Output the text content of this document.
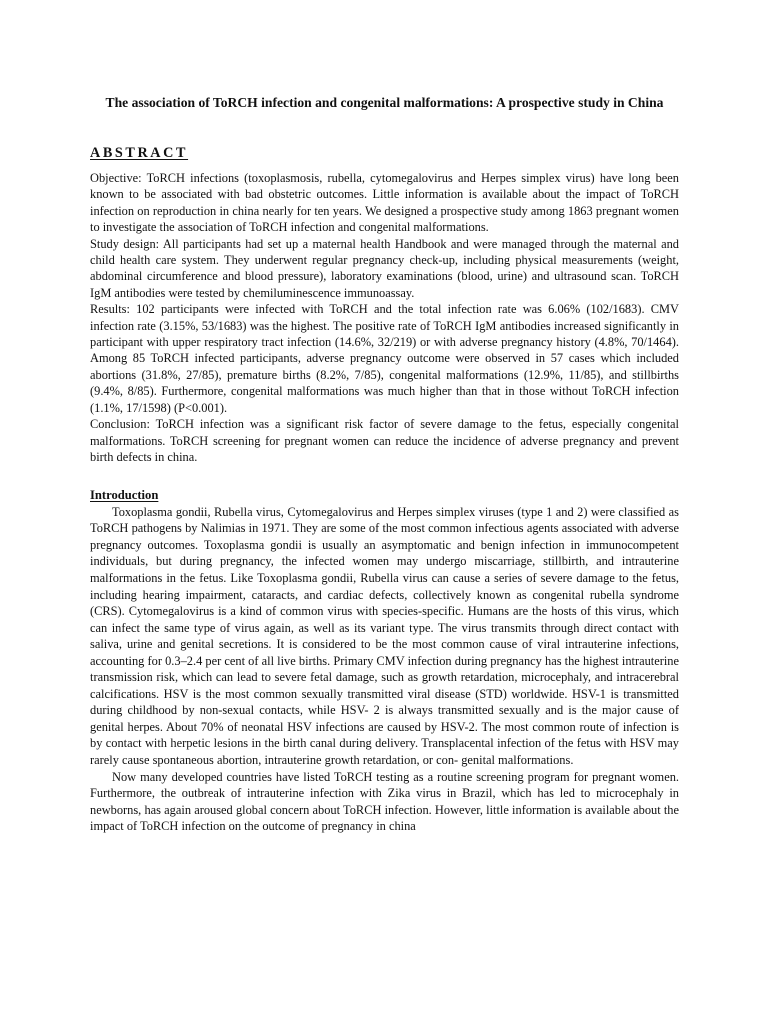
The association of ToRCH infection and congenital malformations: A prospective study in China
ABSTRACT

Objective: ToRCH infections (toxoplasmosis, rubella, cytomegalovirus and Herpes simplex virus) have long been known to be associated with bad obstetric outcomes. Little information is available about the impact of ToRCH infection on reproduction in china nearly for ten years. We designed a prospective study among 1863 pregnant women to investigate the association of ToRCH infection and congenital malformations.

Study design: All participants had set up a maternal health Handbook and were managed through the maternal and child health care system. They underwent regular pregnancy check-up, including physical measurements (weight, abdominal circumference and blood pressure), laboratory examinations (blood, urine) and ultrasound scan. ToRCH IgM antibodies were tested by chemiluminescence immunoassay.

Results: 102 participants were infected with ToRCH and the total infection rate was 6.06% (102/1683). CMV infection rate (3.15%, 53/1683) was the highest. The positive rate of ToRCH IgM antibodies increased significantly in participant with upper respiratory tract infection (14.6%, 32/219) or with adverse pregnancy history (4.8%, 70/1464). Among 85 ToRCH infected participants, adverse pregnancy outcome were observed in 57 cases which included abortions (31.8%, 27/85), premature births (8.2%, 7/85), congenital malformations (12.9%, 11/85), and stillbirths (9.4%, 8/85). Furthermore, congenital malformations was much higher than that in those without ToRCH infection (1.1%, 17/1598) (P<0.001).

Conclusion: ToRCH infection was a significant risk factor of severe damage to the fetus, especially congenital malformations. ToRCH screening for pregnant women can reduce the incidence of adverse pregnancy and prevent birth defects in china.

Introduction

Toxoplasma gondii, Rubella virus, Cytomegalovirus and Herpes simplex viruses (type 1 and 2) were classified as ToRCH pathogens by Nalimias in 1971. They are some of the most common infectious agents associated with adverse pregnancy outcomes. Toxoplasma gondii is usually an asymptomatic and benign infection in immunocompetent individuals, but during pregnancy, the infected women may undergo miscarriage, stillbirth, and intrauterine malformations in the fetus. Like Toxoplasma gondii, Rubella virus can cause a series of severe damage to the fetus, including hearing impairment, cataracts, and cardiac defects, collectively known as congenital rubella syndrome (CRS). Cytomegalovirus is a kind of common virus with species-specific. Humans are the hosts of this virus, which can infect the same type of virus again, as well as its variant type. The virus transmits through direct contact with saliva, urine and genital secretions. It is considered to be the most common cause of viral intrauterine infections, accounting for 0.3–2.4 per cent of all live births. Primary CMV infection during pregnancy has the highest intrauterine transmission risk, which can lead to severe fetal damage, such as growth retardation, microcephaly, and intracerebral calcifications. HSV is the most common sexually transmitted viral disease (STD) worldwide. HSV-1 is transmitted during childhood by non-sexual contacts, while HSV- 2 is always transmitted sexually and is the major cause of genital herpes. About 70% of neonatal HSV infections are caused by HSV-2. The most common route of infection is by contact with herpetic lesions in the birth canal during delivery. Transplacental infection of the fetus with HSV may rarely cause spontaneous abortion, intrauterine growth retardation, or con- genital malformations.

Now many developed countries have listed ToRCH testing as a routine screening program for pregnant women. Furthermore, the outbreak of intrauterine infection with Zika virus in Brazil, which has led to microcephaly in newborns, has again aroused global concern about ToRCH infection. However, little information is available about the impact of ToRCH infection on the outcome of pregnancy in china
